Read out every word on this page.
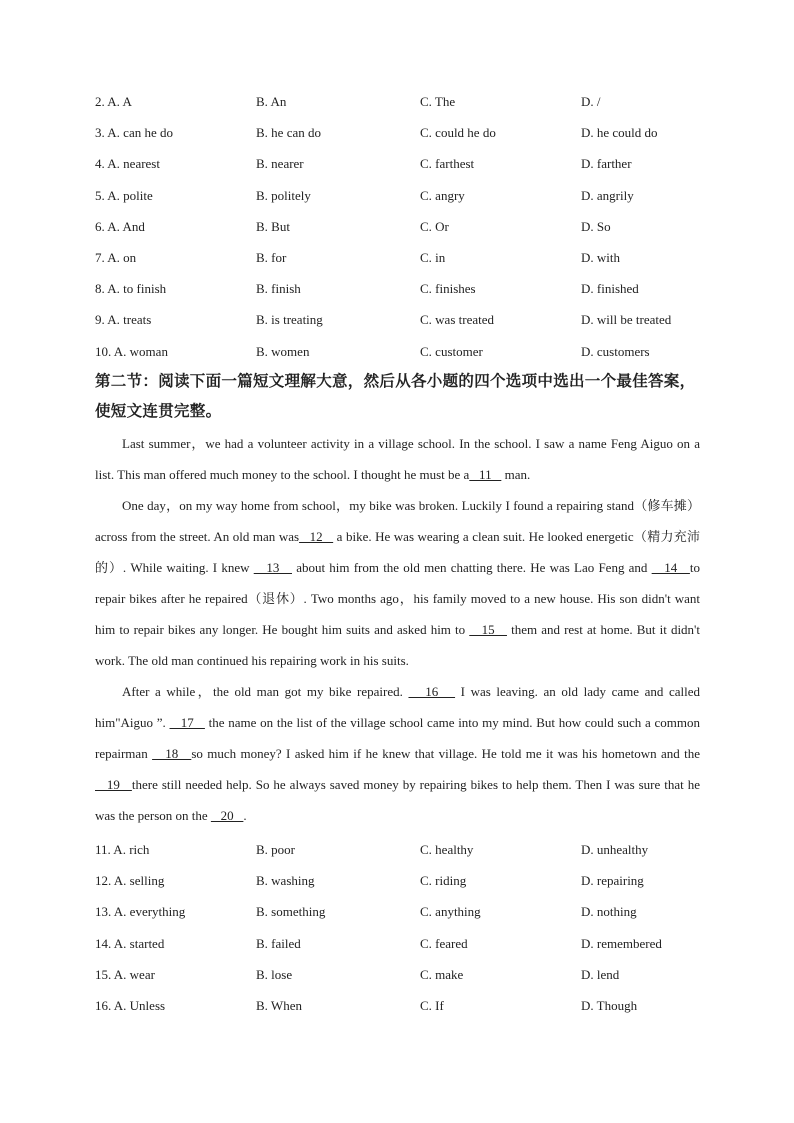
2. A. A	B. An	C. The	D. /
3. A. can he do	B. he can do	C. could he do	D. he could do
4. A. nearest	B. nearer	C. farthest	D. farther
5. A. polite	B. politely	C. angry	D. angrily
6. A. And	B. But	C. Or	D. So
7. A. on	B. for	C. in	D. with
8. A. to finish	B. finish	C. finishes	D. finished
9. A. treats	B. is treating	C. was treated	D. will be treated
10. A. woman	B. women	C. customer	D. customers
第二节：阅读下面一篇短文理解大意，然后从各小题的四个选项中选出一个最佳答案，使短文连贯完整。

Last summer，we had a volunteer activity in a village school. In the school. I saw a name Feng Aiguo on a list. This man offered much money to the school. I thought he must be a   11    man.

One day，on my way home from school，my bike was broken. Luckily I found a repairing stand（修车摊）across from the street. An old man was   12    a bike. He was wearing a clean suit. He looked energetic（精力充沛的）. While waiting. I knew    13    about him from the old men chatting there. He was Lao Feng and    14   to repair bikes after he repaired（退休）. Two months ago，his family moved to a new house. His son didn't want him to repair bikes any longer. He bought him suits and asked him to    15    them and rest at home. But it didn't work. The old man continued his repairing work in his suits.

After a while，the old man got my bike repaired.    16    I was leaving. an old lady came and called him"Aiguo ”.    17    the name on the list of the village school came into my mind. But how could such a common repairman    18   so much money? I asked him if he knew that village. He told me it was his hometown and the    19   there still needed help. So he always saved money by repairing bikes to help them. Then I was sure that he was the person on the    20   .

11. A. rich	B. poor	C. healthy	D. unhealthy
12. A. selling	B. washing	C. riding	D. repairing
13. A. everything	B. something	C. anything	D. nothing
14. A. started	B. failed	C. feared	D. remembered
15. A. wear	B. lose	C. make	D. lend
16. A. Unless	B. When	C. If	D. Though
